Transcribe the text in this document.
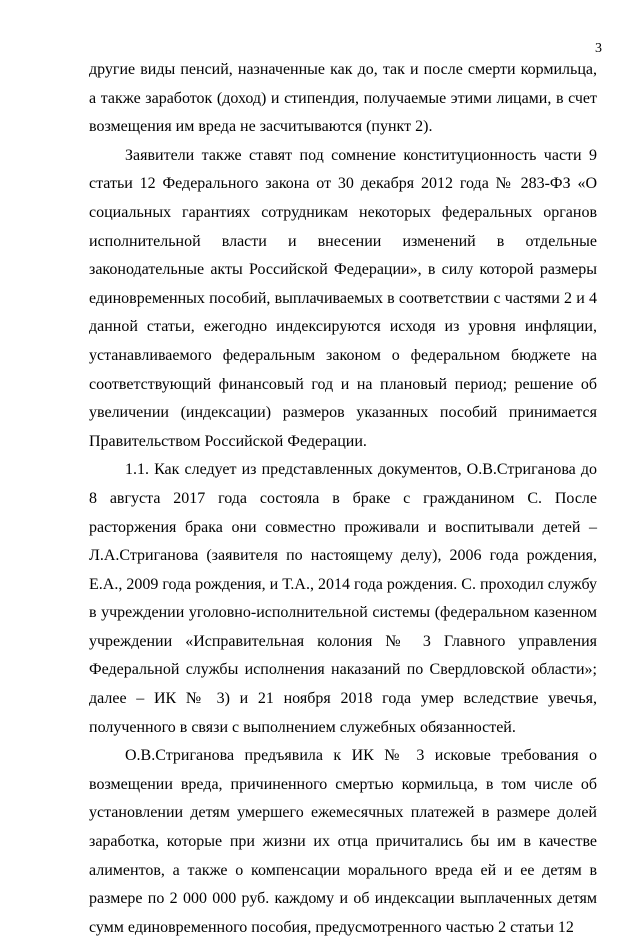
3

другие виды пенсий, назначенные как до, так и после смерти кормильца, а также заработок (доход) и стипендия, получаемые этими лицами, в счет возмещения им вреда не засчитываются (пункт 2).

Заявители также ставят под сомнение конституционность части 9 статьи 12 Федерального закона от 30 декабря 2012 года № 283-ФЗ «О социальных гарантиях сотрудникам некоторых федеральных органов исполнительной власти и внесении изменений в отдельные законодательные акты Российской Федерации», в силу которой размеры единовременных пособий, выплачиваемых в соответствии с частями 2 и 4 данной статьи, ежегодно индексируются исходя из уровня инфляции, устанавливаемого федеральным законом о федеральном бюджете на соответствующий финансовый год и на плановый период; решение об увеличении (индексации) размеров указанных пособий принимается Правительством Российской Федерации.

1.1. Как следует из представленных документов, О.В.Стриганова до 8 августа 2017 года состояла в браке с гражданином С. После расторжения брака они совместно проживали и воспитывали детей – Л.А.Стриганова (заявителя по настоящему делу), 2006 года рождения, Е.А., 2009 года рождения, и Т.А., 2014 года рождения. С. проходил службу в учреждении уголовно-исполнительной системы (федеральном казенном учреждении «Исправительная колония № 3 Главного управления Федеральной службы исполнения наказаний по Свердловской области»; далее – ИК № 3) и 21 ноября 2018 года умер вследствие увечья, полученного в связи с выполнением служебных обязанностей.

О.В.Стриганова предъявила к ИК № 3 исковые требования о возмещении вреда, причиненного смертью кормильца, в том числе об установлении детям умершего ежемесячных платежей в размере долей заработка, которые при жизни их отца причитались бы им в качестве алиментов, а также о компенсации морального вреда ей и ее детям в размере по 2 000 000 руб. каждому и об индексации выплаченных детям сумм единовременного пособия, предусмотренного частью 2 статьи 12
